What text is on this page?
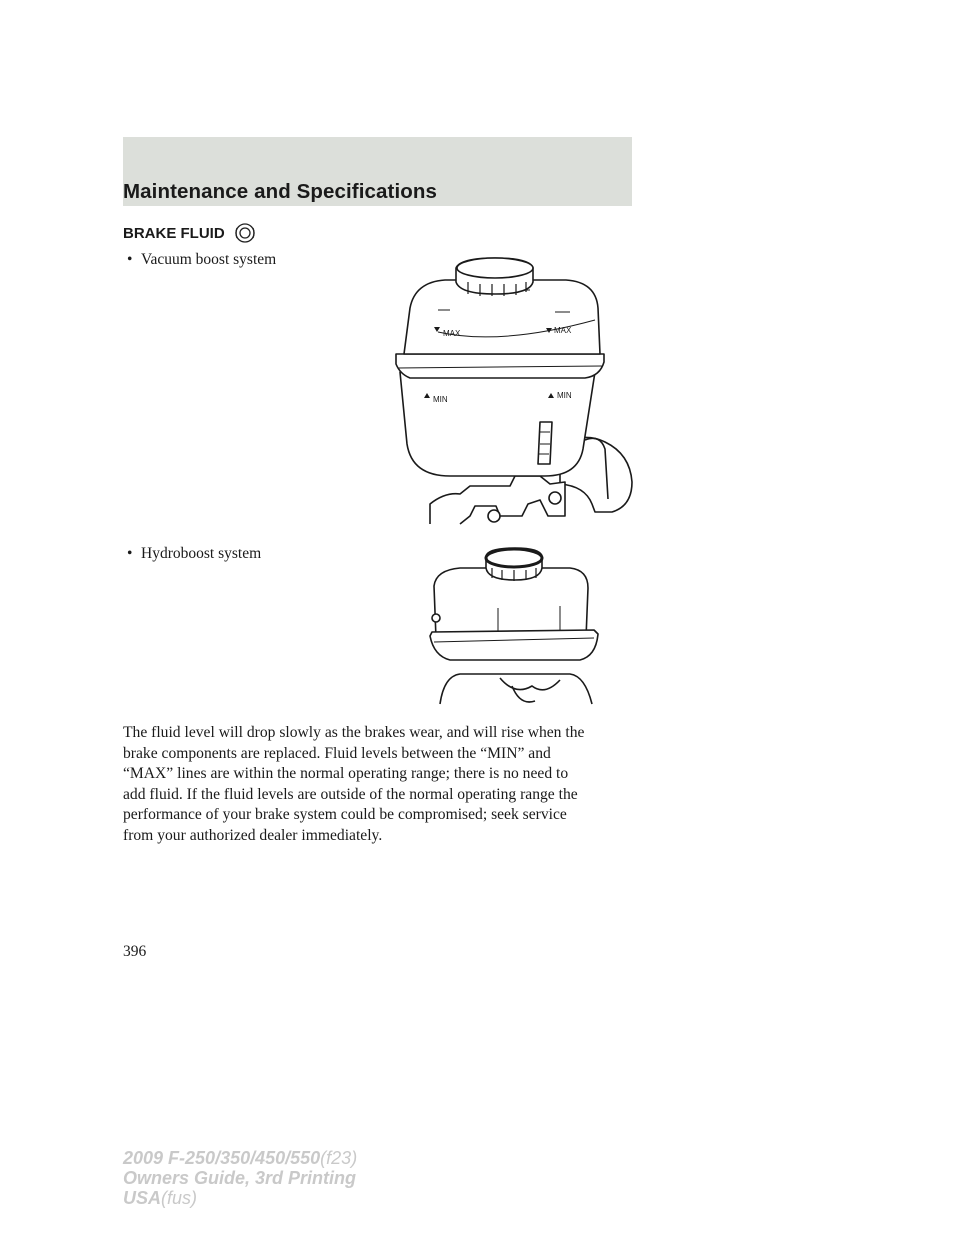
Maintenance and Specifications
BRAKE FLUID
• Vacuum boost system
MAX	MAX
MIN	MIN
• Hydroboost system
The fluid level will drop slowly as the brakes wear, and will rise when the
brake components are replaced. Fluid levels between the “MIN” and
“MAX” lines are within the normal operating range; there is no need to
add fluid. If the fluid levels are outside of the normal operating range the
performance of your brake system could be compromised; seek service
from your authorized dealer immediately.
396
2009 F-250/350/450/550(f23)
Owners Guide, 3rd Printing
USA(fus)
